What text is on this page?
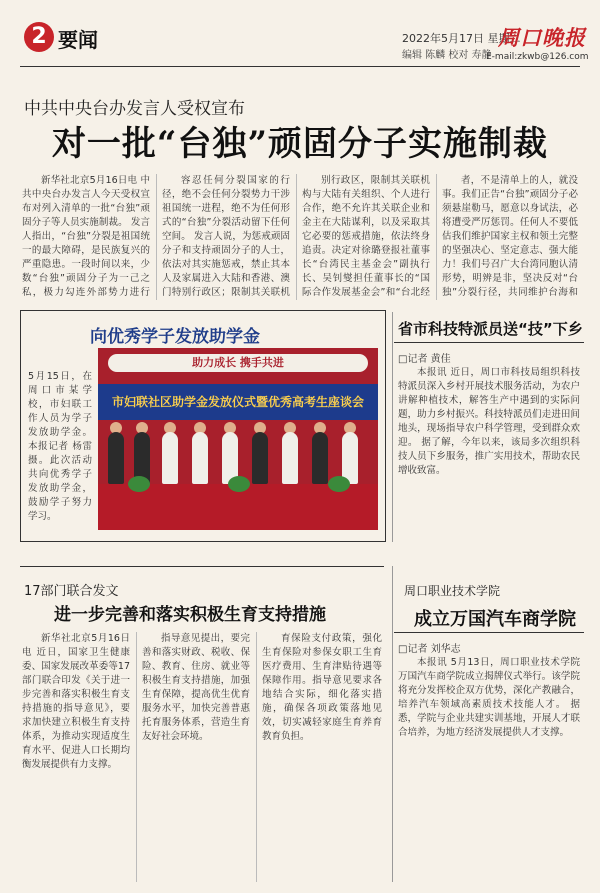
2 要闻	2022年5月17日 星期二
编辑 陈麟 校对 寿静
周口晚报
E-mail:zkwb@126.com
中共中央台办发言人受权宣布
对一批“台独”顽固分子实施制裁

新华社北京5月16日电 中共中央台办发言人今天受权宣布对列入清单的一批“台独”顽固分子等人员实施制裁。 发言人指出，“台独”分裂是祖国统一的最大障碍，是民族复兴的严重隐患。一段时间以来，少数“台独”顽固分子为一己之私，极力勾连外部势力进行

容忍任何分裂国家的行径，绝不会任何分裂势力干涉祖国统一进程，绝不为任何形式的“台独”分裂活动留下任何空间。 发言人说，为惩戒顽固分子和支持顽固分子的人士，依法对其实施惩戒，禁止其本人及家属进入大陆和香港、澳门特别行政区；限制其关联机

别行政区，限制其关联机构与大陆有关组织、个人进行合作，绝不允许其关联企业和金主在大陆谋利，以及采取其它必要的惩戒措施，依法终身追责。决定对徐璐登报社董事长“台湾民主基金会”副执行长、吴钊燮担任董事长的“国际合作发展基金会”和“台北经

者，不是清单上的人，就没事。我们正告“台独”顽固分子必须悬崖勒马，愿意以身试法，必将遭受严厉惩罚。任何人不要低估我们维护国家主权和领土完整的坚强决心、坚定意志、强大能力！我们号召广大台湾同胞认清形势，明辨是非，坚决反对“台独”分裂行径，共同维护台海和

向优秀学子发放助学金
5月15日，在周口市某学校，市妇联工作人员为学子发放助学金。本报记者 杨雷 摄。此次活动共向优秀学子发放助学金，鼓励学子努力学习。
助力成长 携手共进
市妇联社区助学金发放仪式暨优秀高考生座谈会
省市科技特派员送“技”下乡
□记者 黄佳

本报讯 近日，周口市科技局组织科技特派员深入乡村开展技术服务活动，为农户讲解种植技术，解答生产中遇到的实际问题，助力乡村振兴。科技特派员们走进田间地头，现场指导农户科学管理，受到群众欢迎。 据了解，今年以来，该局多次组织科技人员下乡服务，推广实用技术，帮助农民增收致富。

17部门联合发文
进一步完善和落实积极生育支持措施

新华社北京5月16日电 近日，国家卫生健康委、国家发展改革委等17部门联合印发《关于进一步完善和落实积极生育支持措施的指导意见》，要求加快建立积极生育支持体系，为推动实现适度生育水平、促进人口长期均衡发展提供有力支撑。

指导意见提出，要完善和落实财政、税收、保险、教育、住房、就业等积极生育支持措施，加强生育保障，提高优生优育服务水平，加快完善普惠托育服务体系，营造生育友好社会环境。

育保险支付政策，强化生育保险对参保女职工生育医疗费用、生育津贴待遇等保障作用。指导意见要求各地结合实际，细化落实措施，确保各项政策落地见效，切实减轻家庭生育养育教育负担。

周口职业技术学院
成立万国汽车商学院
□记者 刘华志

本报讯 5月13日，周口职业技术学院万国汽车商学院成立揭牌仪式举行。该学院将充分发挥校企双方优势，深化产教融合，培养汽车领域高素质技术技能人才。 据悉，学院与企业共建实训基地，开展人才联合培养，为地方经济发展提供人才支撑。
